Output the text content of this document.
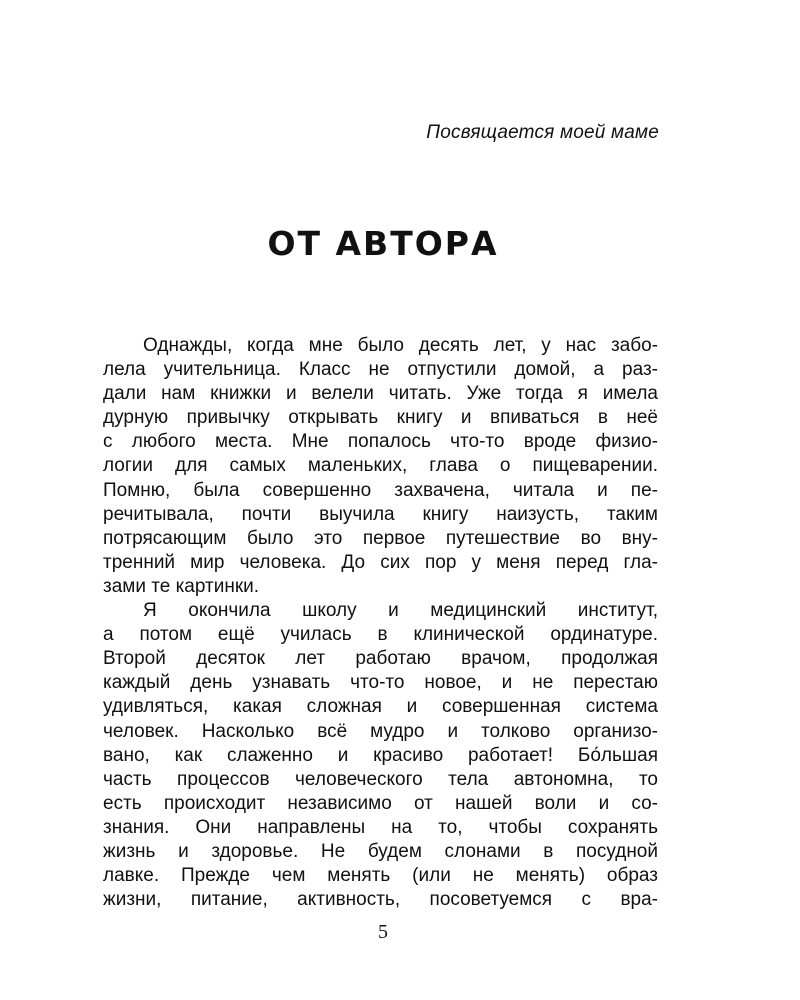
Посвящается моей маме
ОТ АВТОРА
Однажды, когда мне было десять лет, у нас забо-
лела учительница. Класс не отпустили домой, а раз-
дали нам книжки и велели читать. Уже тогда я имела
дурную привычку открывать книгу и впиваться в неё
с любого места. Мне попалось что-то вроде физио-
логии для самых маленьких, глава о пищеварении.
Помню, была совершенно захвачена, читала и пе-
речитывала, почти выучила книгу наизусть, таким
потрясающим было это первое путешествие во вну-
тренний мир человека. До сих пор у меня перед гла-
зами те картинки.
Я окончила школу и медицинский институт,
а потом ещё училась в клинической ординатуре.
Второй десяток лет работаю врачом, продолжая
каждый день узнавать что-то новое, и не перестаю
удивляться, какая сложная и совершенная система
человек. Насколько всё мудро и толково организо-
вано, как слаженно и красиво работает! Бо́льшая
часть процессов человеческого тела автономна, то
есть происходит независимо от нашей воли и со-
знания. Они направлены на то, чтобы сохранять
жизнь и здоровье. Не будем слонами в посудной
лавке. Прежде чем менять (или не менять) образ
жизни, питание, активность, посоветуемся с вра-
5
